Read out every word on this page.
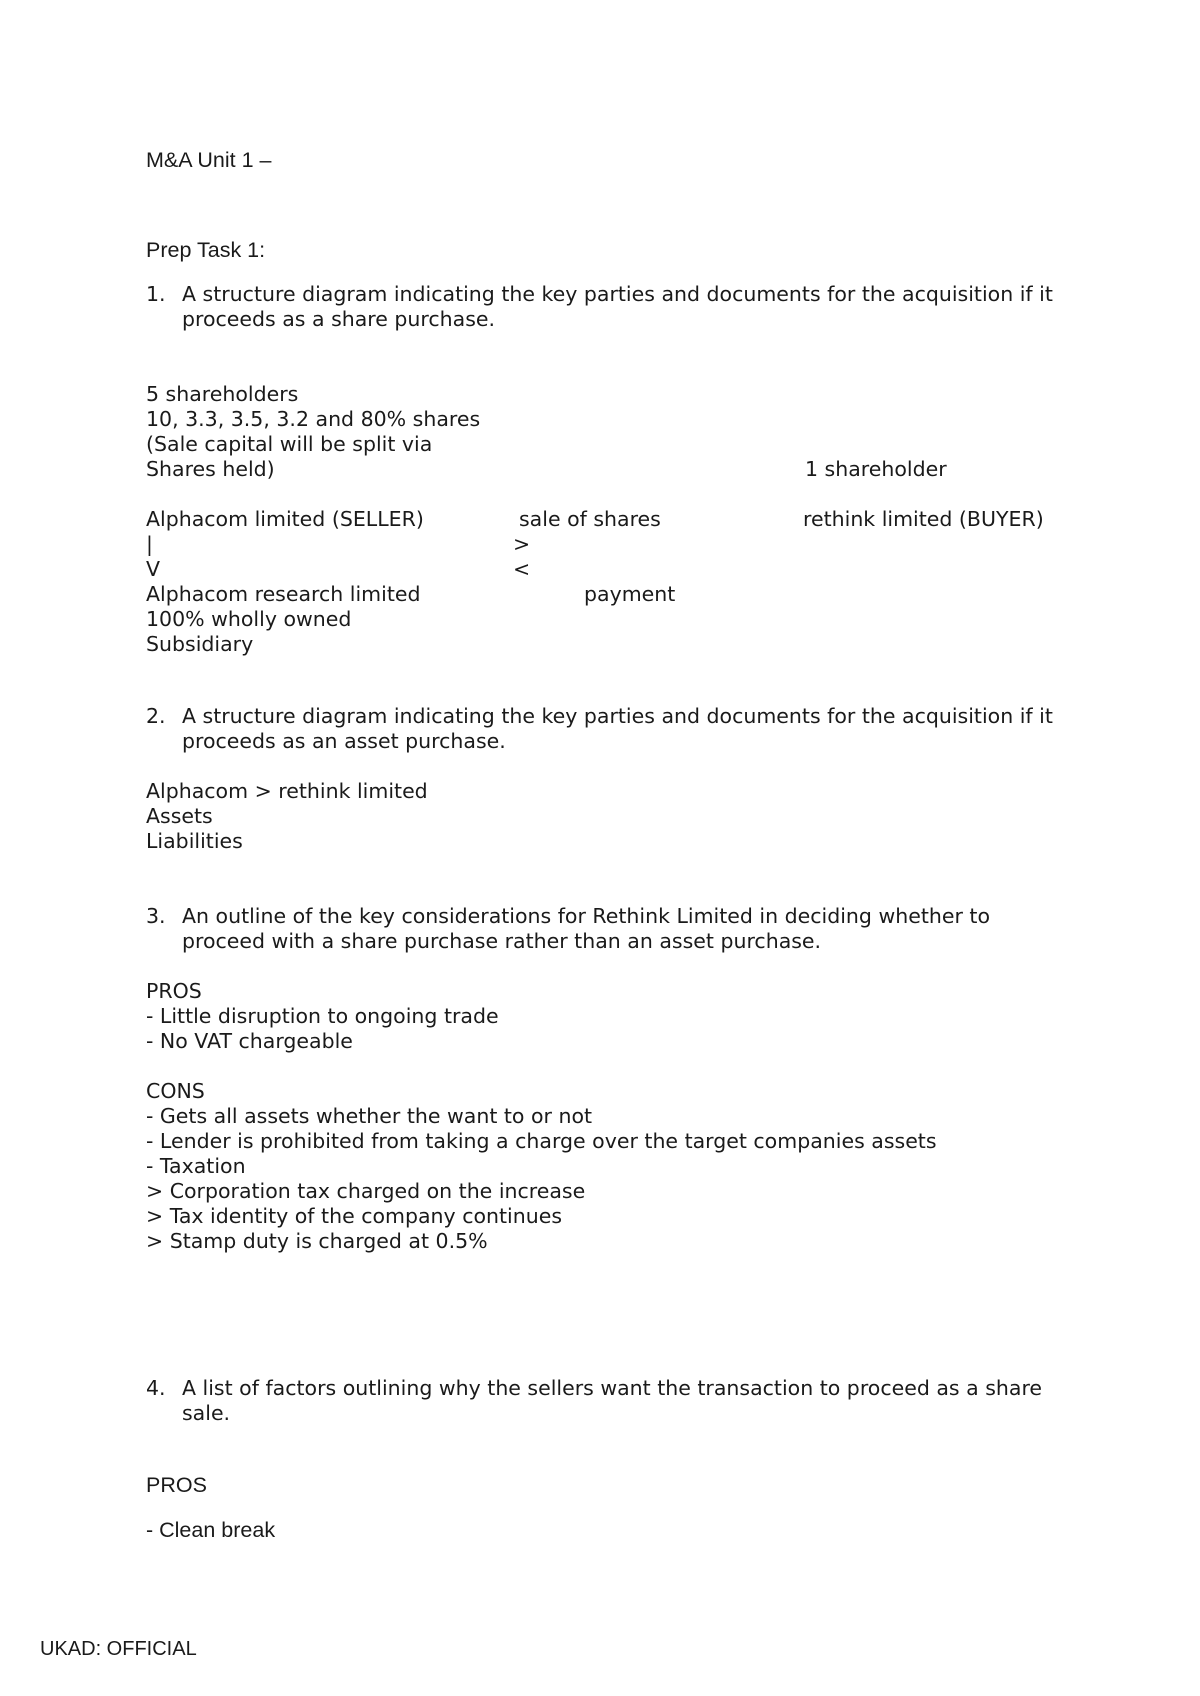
M&A Unit 1 –
Prep Task 1:
1. A structure diagram indicating the key parties and documents for the acquisition if it proceeds as a share purchase.
5 shareholders
10, 3.3, 3.5, 3.2 and 80% shares
(Sale capital will be split via
Shares held)	1 shareholder
Alphacom limited (SELLER)	sale of shares	rethink limited (BUYER)
|	>
V	<
Alphacom research limited	payment
100% wholly owned
Subsidiary
2. A structure diagram indicating the key parties and documents for the acquisition if it proceeds as an asset purchase.
Alphacom > rethink limited
Assets
Liabilities
3. An outline of the key considerations for Rethink Limited in deciding whether to proceed with a share purchase rather than an asset purchase.
PROS
- Little disruption to ongoing trade
- No VAT chargeable
CONS
- Gets all assets whether the want to or not
- Lender is prohibited from taking a charge over the target companies assets
- Taxation
> Corporation tax charged on the increase
> Tax identity of the company continues
> Stamp duty is charged at 0.5%
4. A list of factors outlining why the sellers want the transaction to proceed as a share sale.
PROS
- Clean break
UKAD: OFFICIAL
